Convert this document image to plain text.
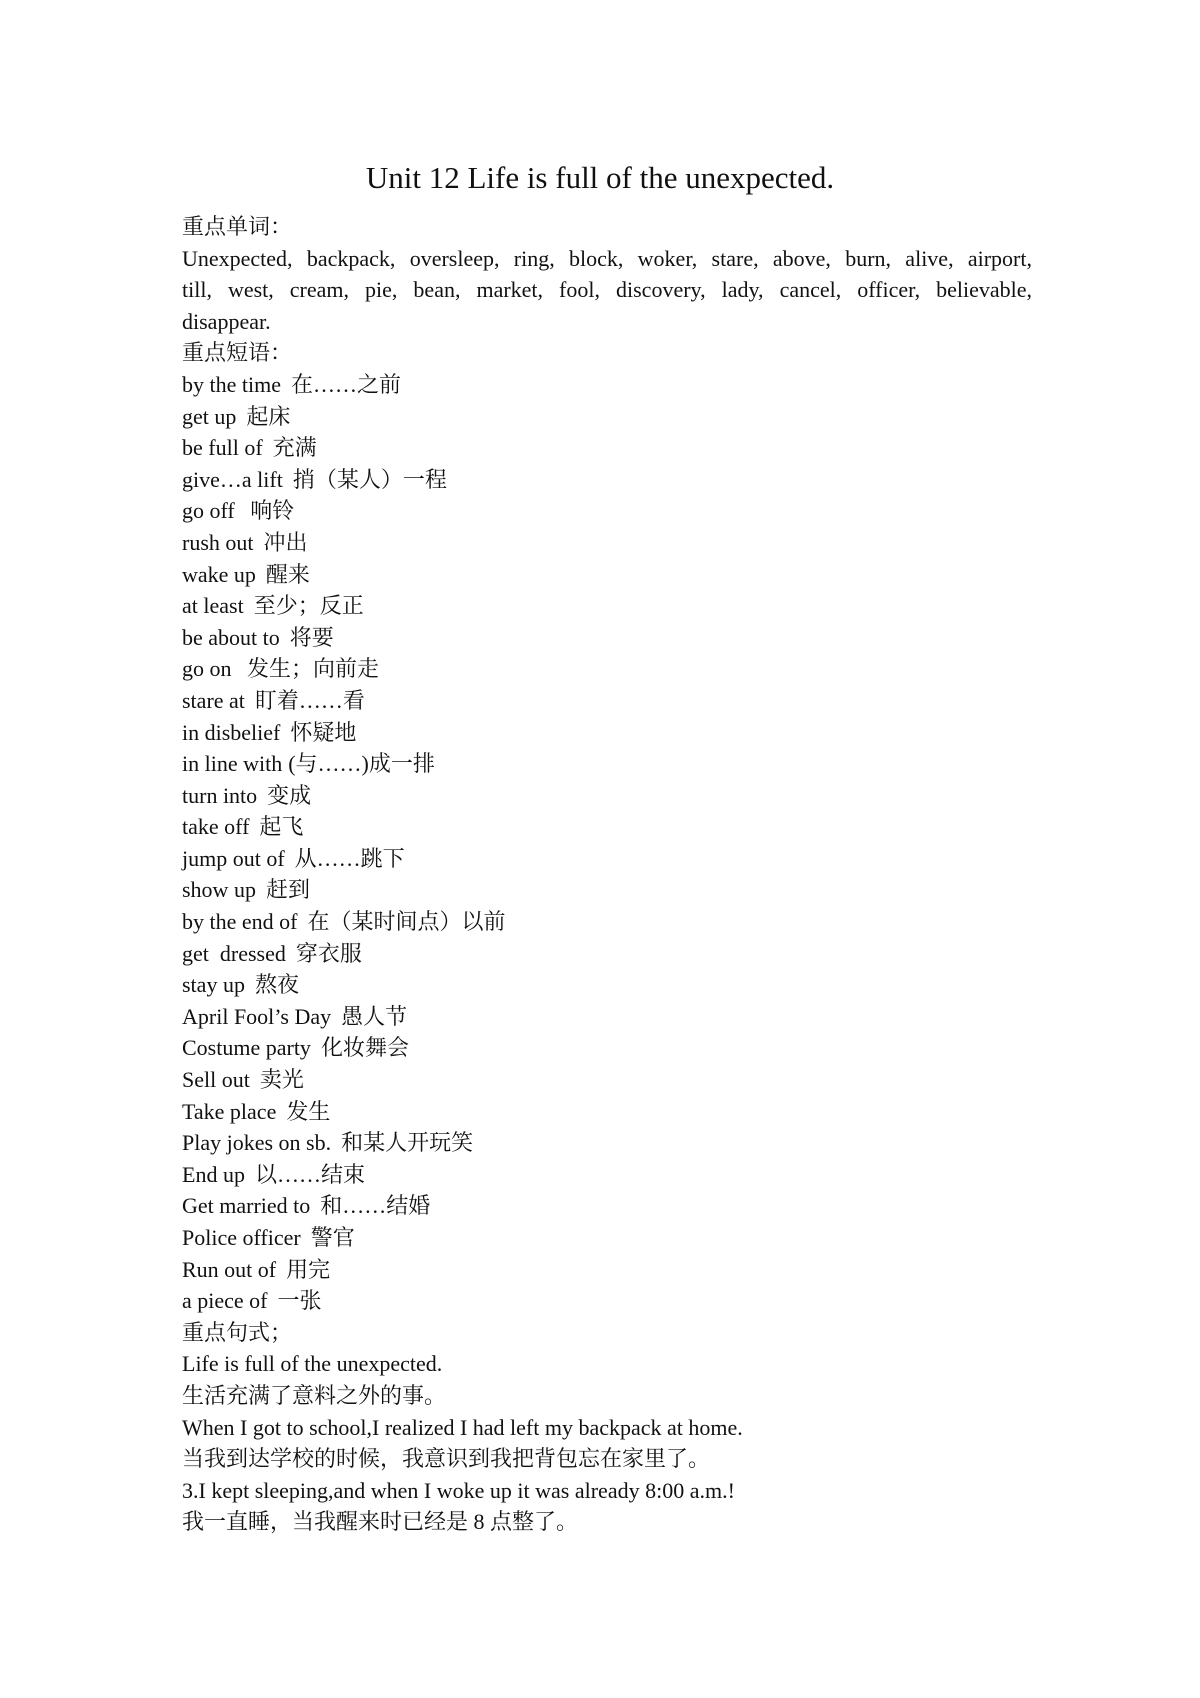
Unit 12 Life is full of the unexpected.
重点单词：
Unexpected, backpack, oversleep, ring, block, woker, stare, above, burn, alive, airport,
till, west, cream, pie, bean, market, fool, discovery, lady, cancel, officer, believable,
disappear.
重点短语：
by the time 在……之前
get up 起床
be full of 充满
give…a lift 捎（某人）一程
go off 响铃
rush out 冲出
wake up 醒来
at least 至少；反正
be about to 将要
go on 发生；向前走
stare at 盯着……看
in disbelief 怀疑地
in line with (与……)成一排
turn into 变成
take off 起飞
jump out of 从……跳下
show up 赶到
by the end of 在（某时间点）以前
get  dressed 穿衣服
stay up 熬夜
April Fool’s Day 愚人节
Costume party 化妆舞会
Sell out 卖光
Take place 发生
Play jokes on sb. 和某人开玩笑
End up 以……结束
Get married to 和……结婚
Police officer 警官
Run out of 用完
a piece of 一张
重点句式；
Life is full of the unexpected.
生活充满了意料之外的事。
When I got to school,I realized I had left my backpack at home.
当我到达学校的时候，我意识到我把背包忘在家里了。
3.I kept sleeping,and when I woke up it was already 8:00 a.m.!
我一直睡，当我醒来时已经是 8 点整了。
